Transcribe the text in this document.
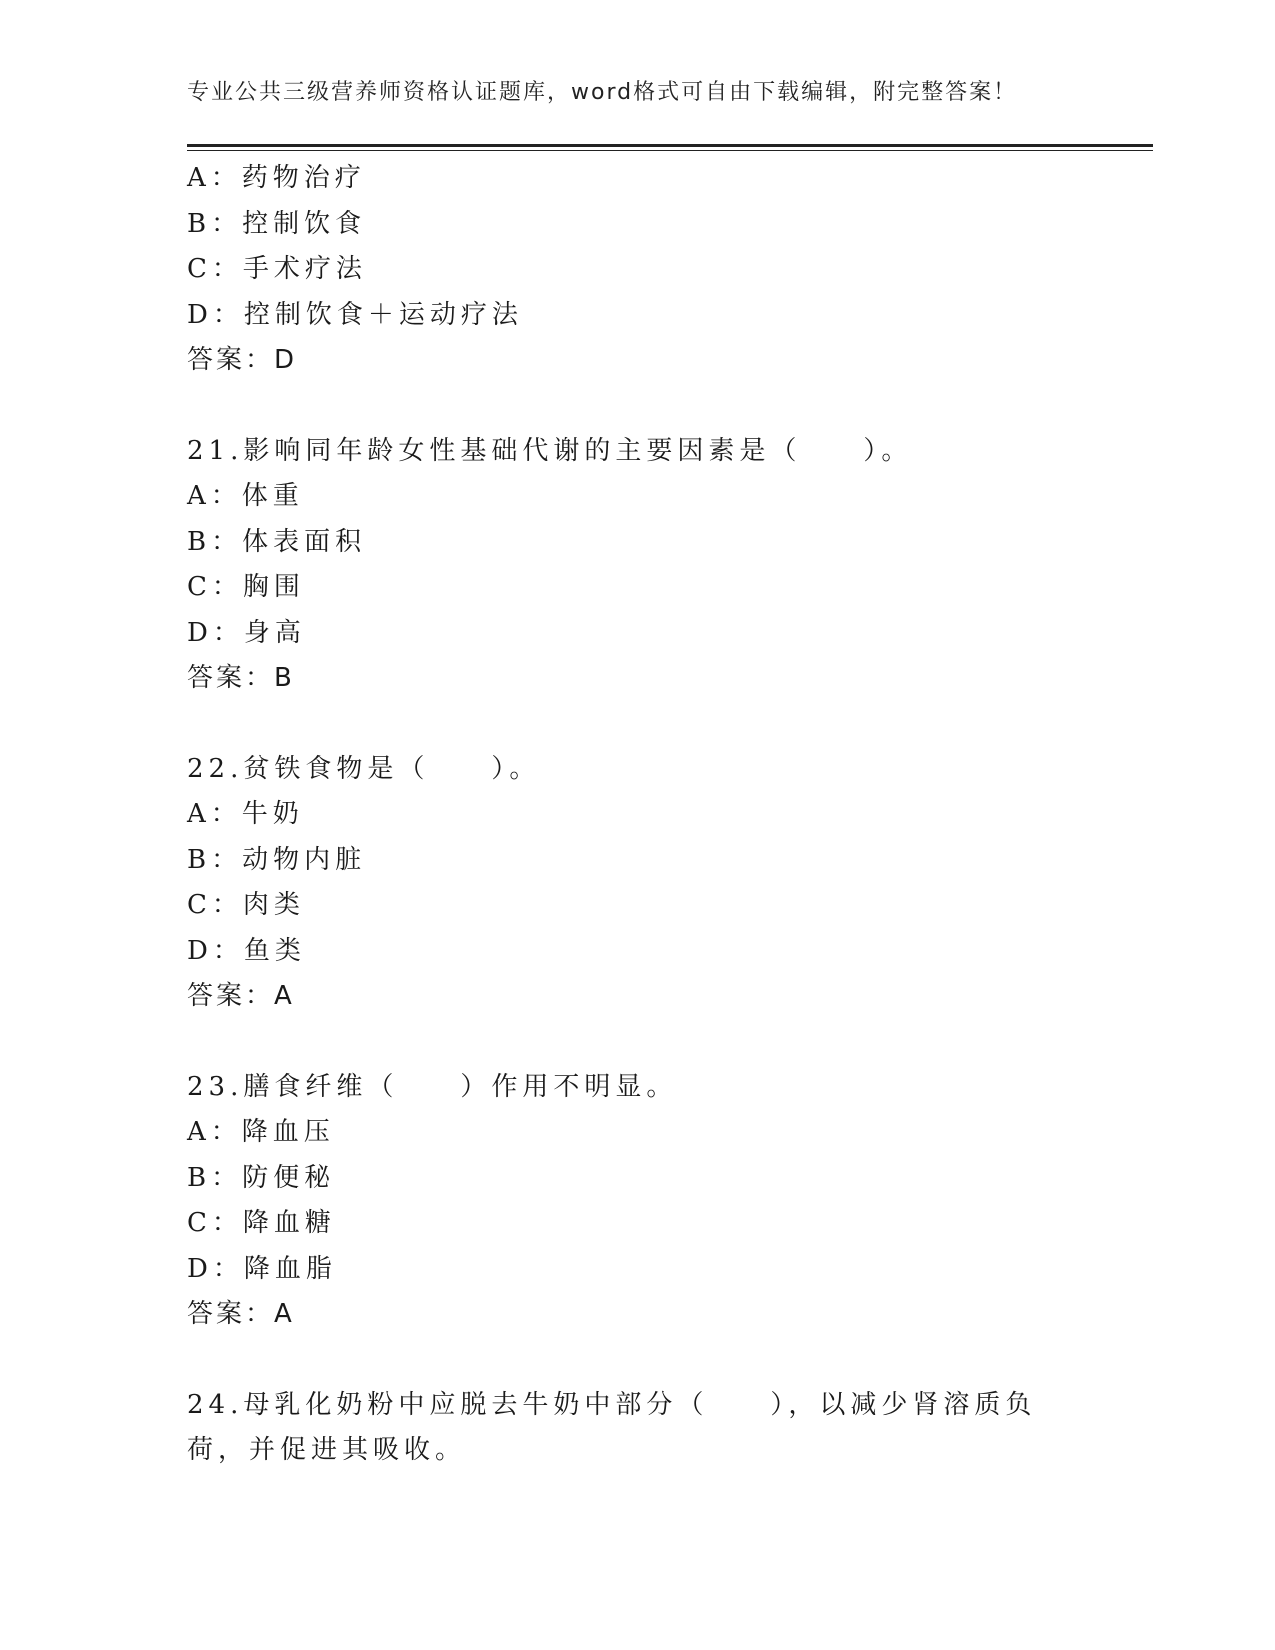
专业公共三级营养师资格认证题库，word格式可自由下载编辑，附完整答案！
A：药物治疗
B：控制饮食
C：手术疗法
D：控制饮食＋运动疗法
答案：D
21.影响同年龄女性基础代谢的主要因素是（　　）。
A：体重
B：体表面积
C：胸围
D：身高
答案：B
22.贫铁食物是（　　）。
A：牛奶
B：动物内脏
C：肉类
D：鱼类
答案：A
23.膳食纤维（　　）作用不明显。
A：降血压
B：防便秘
C：降血糖
D：降血脂
答案：A
24.母乳化奶粉中应脱去牛奶中部分（　　），以减少肾溶质负荷，并促进其吸收。
